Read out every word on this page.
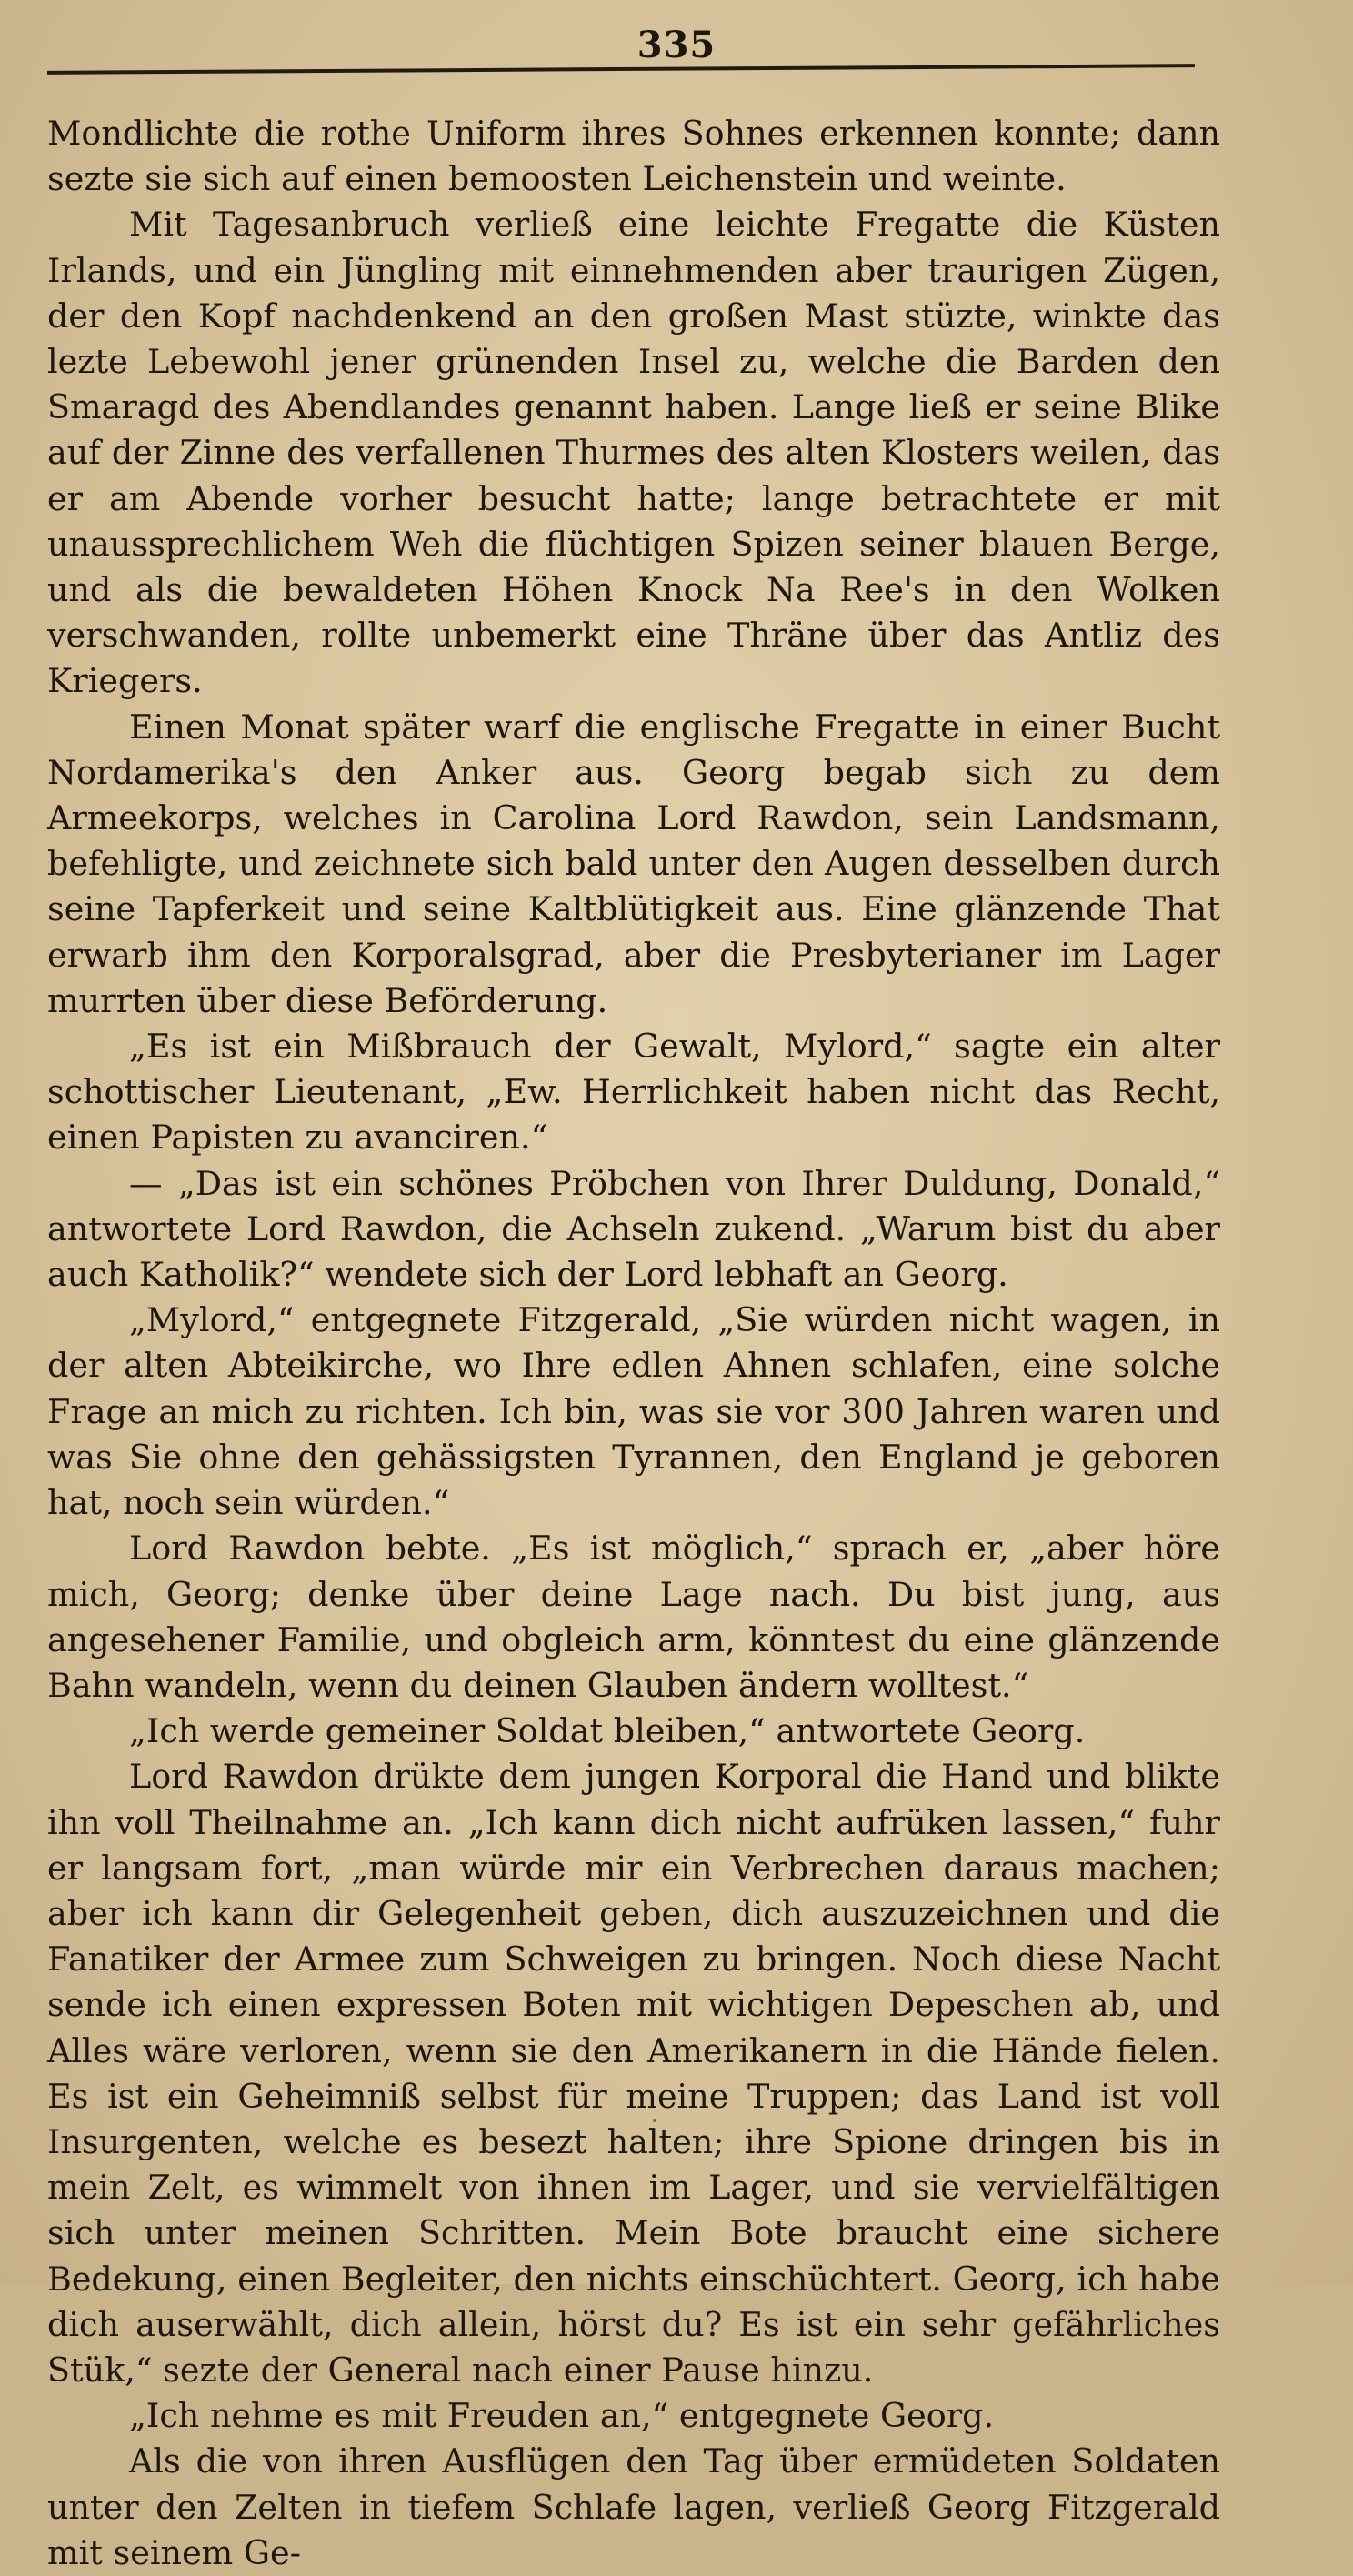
335

Mondlichte die rothe Uniform ihres Sohnes erkennen konnte; dann sezte sie sich auf einen bemoosten Leichenstein und weinte.

Mit Tagesanbruch verließ eine leichte Fregatte die Küsten Irlands, und ein Jüngling mit einnehmenden aber traurigen Zügen, der den Kopf nachdenkend an den großen Mast stüzte, winkte das lezte Lebewohl jener grünenden Insel zu, welche die Barden den Smaragd des Abendlandes genannt haben. Lange ließ er seine Blike auf der Zinne des verfallenen Thurmes des alten Klosters weilen, das er am Abende vorher besucht hatte; lange betrachtete er mit unaussprechlichem Weh die flüchtigen Spizen seiner blauen Berge, und als die bewaldeten Höhen Knock Na Ree's in den Wolken verschwanden, rollte unbemerkt eine Thräne über das Antliz des Kriegers.

Einen Monat später warf die englische Fregatte in einer Bucht Nordamerika's den Anker aus. Georg begab sich zu dem Armeekorps, welches in Carolina Lord Rawdon, sein Landsmann, befehligte, und zeichnete sich bald unter den Augen desselben durch seine Tapferkeit und seine Kaltblütigkeit aus. Eine glänzende That erwarb ihm den Korporalsgrad, aber die Presbyterianer im Lager murrten über diese Beförderung.

„Es ist ein Mißbrauch der Gewalt, Mylord,“ sagte ein alter schottischer Lieutenant, „Ew. Herrlichkeit haben nicht das Recht, einen Papisten zu avanciren.“

— „Das ist ein schönes Pröbchen von Ihrer Duldung, Donald,“ antwortete Lord Rawdon, die Achseln zukend. „Warum bist du aber auch Katholik?“ wendete sich der Lord lebhaft an Georg.

„Mylord,“ entgegnete Fitzgerald, „Sie würden nicht wagen, in der alten Abteikirche, wo Ihre edlen Ahnen schlafen, eine solche Frage an mich zu richten. Ich bin, was sie vor 300 Jahren waren und was Sie ohne den gehässigsten Tyrannen, den England je geboren hat, noch sein würden.“

Lord Rawdon bebte. „Es ist möglich,“ sprach er, „aber höre mich, Georg; denke über deine Lage nach. Du bist jung, aus angesehener Familie, und obgleich arm, könntest du eine glänzende Bahn wandeln, wenn du deinen Glauben ändern wolltest.“

„Ich werde gemeiner Soldat bleiben,“ antwortete Georg.

Lord Rawdon drükte dem jungen Korporal die Hand und blikte ihn voll Theilnahme an. „Ich kann dich nicht aufrüken lassen,“ fuhr er langsam fort, „man würde mir ein Verbrechen daraus machen; aber ich kann dir Gelegenheit geben, dich auszuzeichnen und die Fanatiker der Armee zum Schweigen zu bringen. Noch diese Nacht sende ich einen expressen Boten mit wichtigen Depeschen ab, und Alles wäre verloren, wenn sie den Amerikanern in die Hände fielen. Es ist ein Geheimniß selbst für meine Truppen; das Land ist voll Insurgenten, welche es besezt halten; ihre Spione dringen bis in mein Zelt, es wimmelt von ihnen im Lager, und sie vervielfältigen sich unter meinen Schritten. Mein Bote braucht eine sichere Bedekung, einen Begleiter, den nichts einschüchtert. Georg, ich habe dich auserwählt, dich allein, hörst du? Es ist ein sehr gefährliches Stük,“ sezte der General nach einer Pause hinzu.

„Ich nehme es mit Freuden an,“ entgegnete Georg.

Als die von ihren Ausflügen den Tag über ermüdeten Soldaten unter den Zelten in tiefem Schlafe lagen, verließ Georg Fitzgerald mit seinem Ge-
